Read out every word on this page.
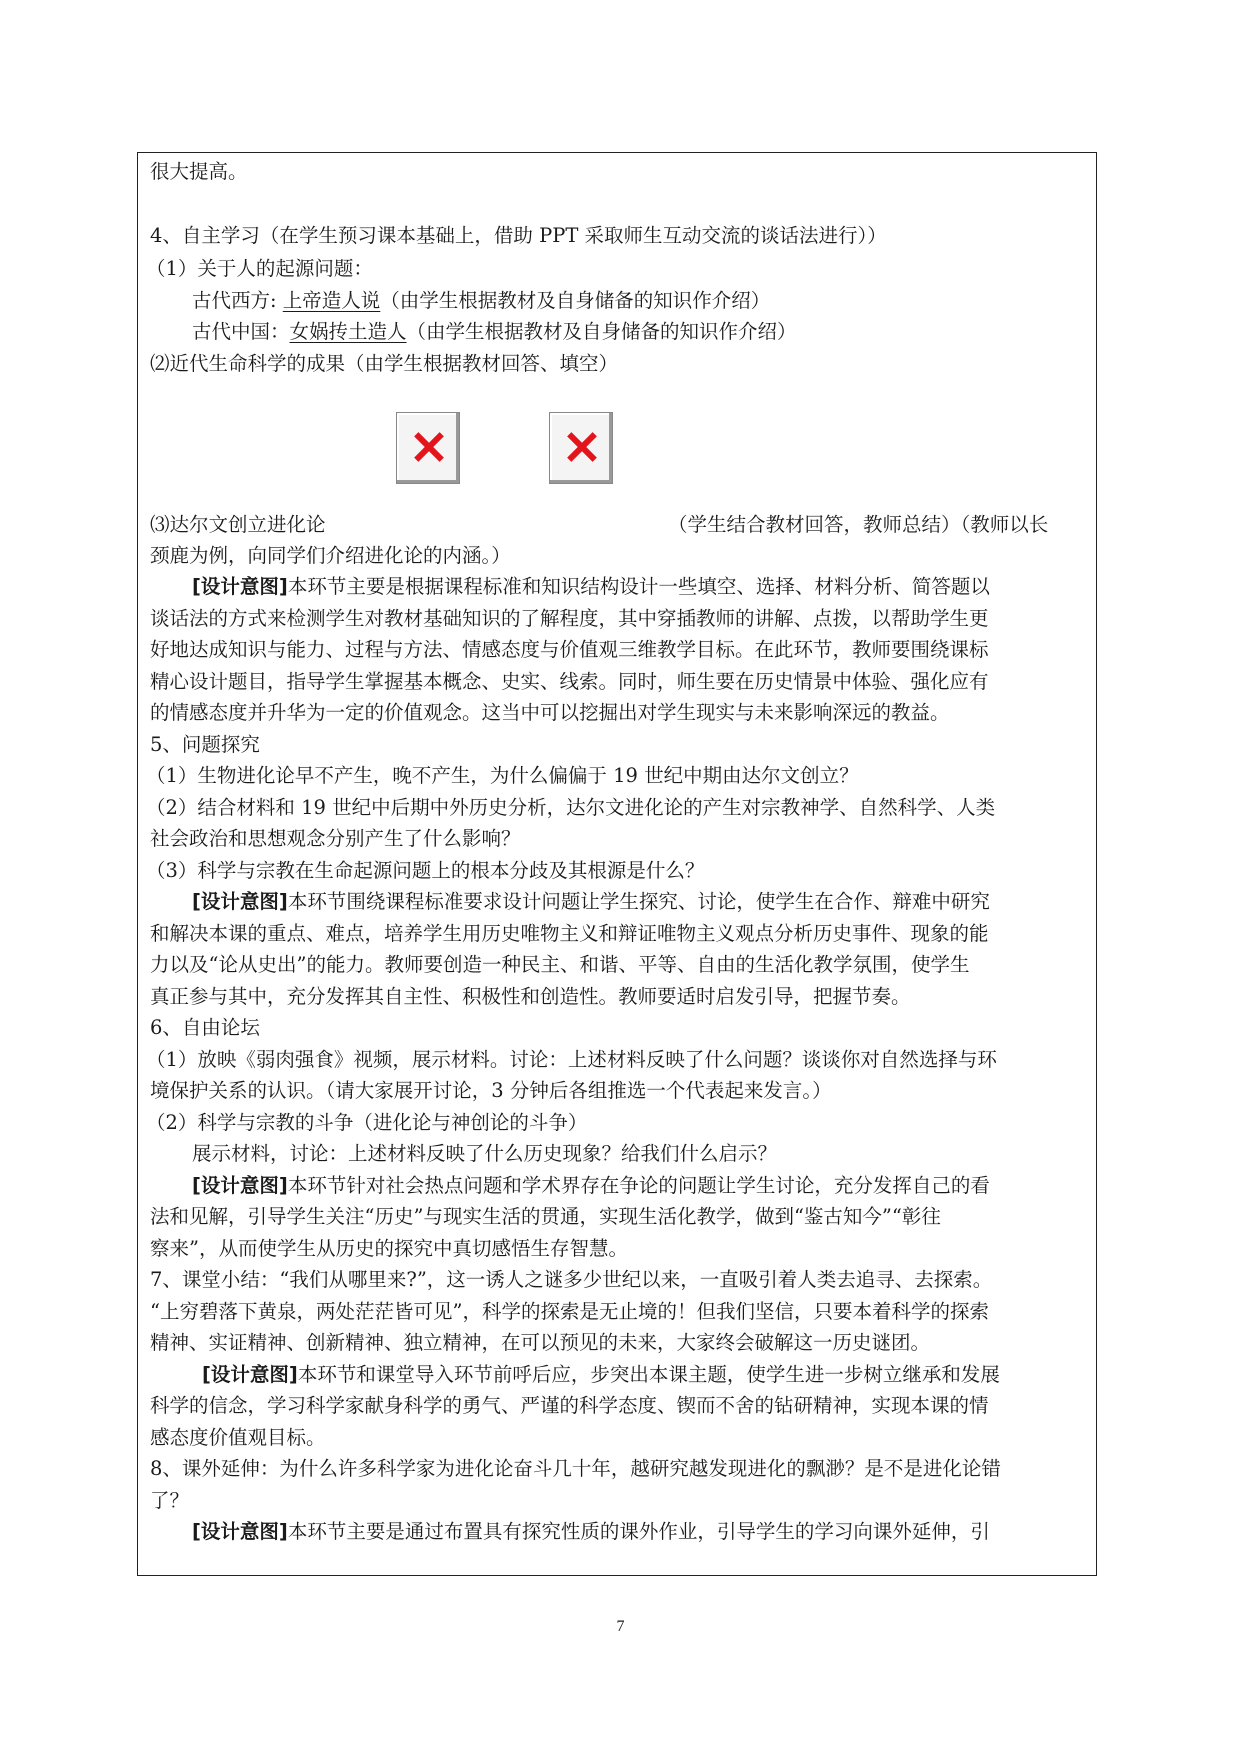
很大提高。
4、自主学习（在学生预习课本基础上，借助 PPT 采取师生互动交流的谈话法进行））
（1）关于人的起源问题：
古代西方: 上帝造人说（由学生根据教材及自身储备的知识作介绍）
古代中国：女娲抟土造人（由学生根据教材及自身储备的知识作介绍）
⑵近代生命科学的成果（由学生根据教材回答、填空）
⑶达尔文创立进化论	（学生结合教材回答，教师总结）（教师以长
颈鹿为例，向同学们介绍进化论的内涵。）
[设计意图]本环节主要是根据课程标准和知识结构设计一些填空、选择、材料分析、简答题以
谈话法的方式来检测学生对教材基础知识的了解程度，其中穿插教师的讲解、点拨，以帮助学生更
好地达成知识与能力、过程与方法、情感态度与价值观三维教学目标。在此环节，教师要围绕课标
精心设计题目，指导学生掌握基本概念、史实、线索。同时，师生要在历史情景中体验、强化应有
的情感态度并升华为一定的价值观念。这当中可以挖掘出对学生现实与未来影响深远的教益。
5、问题探究
（1）生物进化论早不产生，晚不产生，为什么偏偏于 19 世纪中期由达尔文创立？
（2）结合材料和 19 世纪中后期中外历史分析，达尔文进化论的产生对宗教神学、自然科学、人类
社会政治和思想观念分别产生了什么影响？
（3）科学与宗教在生命起源问题上的根本分歧及其根源是什么？
[设计意图]本环节围绕课程标准要求设计问题让学生探究、讨论，使学生在合作、辩难中研究
和解决本课的重点、难点，培养学生用历史唯物主义和辩证唯物主义观点分析历史事件、现象的能
力以及“论从史出”的能力。教师要创造一种民主、和谐、平等、自由的生活化教学氛围，使学生
真正参与其中，充分发挥其自主性、积极性和创造性。教师要适时启发引导，把握节奏。
6、自由论坛
（1）放映《弱肉强食》视频，展示材料。讨论：上述材料反映了什么问题？谈谈你对自然选择与环
境保护关系的认识。（请大家展开讨论，3 分钟后各组推选一个代表起来发言。）
（2）科学与宗教的斗争（进化论与神创论的斗争）
展示材料，讨论：上述材料反映了什么历史现象？给我们什么启示？
[设计意图]本环节针对社会热点问题和学术界存在争论的问题让学生讨论，充分发挥自己的看
法和见解，引导学生关注“历史”与现实生活的贯通，实现生活化教学，做到“鉴古知今”“彰往
察来”，从而使学生从历史的探究中真切感悟生存智慧。
7、课堂小结：“我们从哪里来?”，这一诱人之谜多少世纪以来，一直吸引着人类去追寻、去探索。
“上穷碧落下黄泉，两处茫茫皆可见”，科学的探索是无止境的！但我们坚信，只要本着科学的探索
精神、实证精神、创新精神、独立精神，在可以预见的未来，大家终会破解这一历史谜团。
[设计意图]本环节和课堂导入环节前呼后应，步突出本课主题，使学生进一步树立继承和发展
科学的信念，学习科学家献身科学的勇气、严谨的科学态度、锲而不舍的钻研精神，实现本课的情
感态度价值观目标。
8、课外延伸：为什么许多科学家为进化论奋斗几十年，越研究越发现进化的飘渺？是不是进化论错
了？
[设计意图]本环节主要是通过布置具有探究性质的课外作业，引导学生的学习向课外延伸，引
7
